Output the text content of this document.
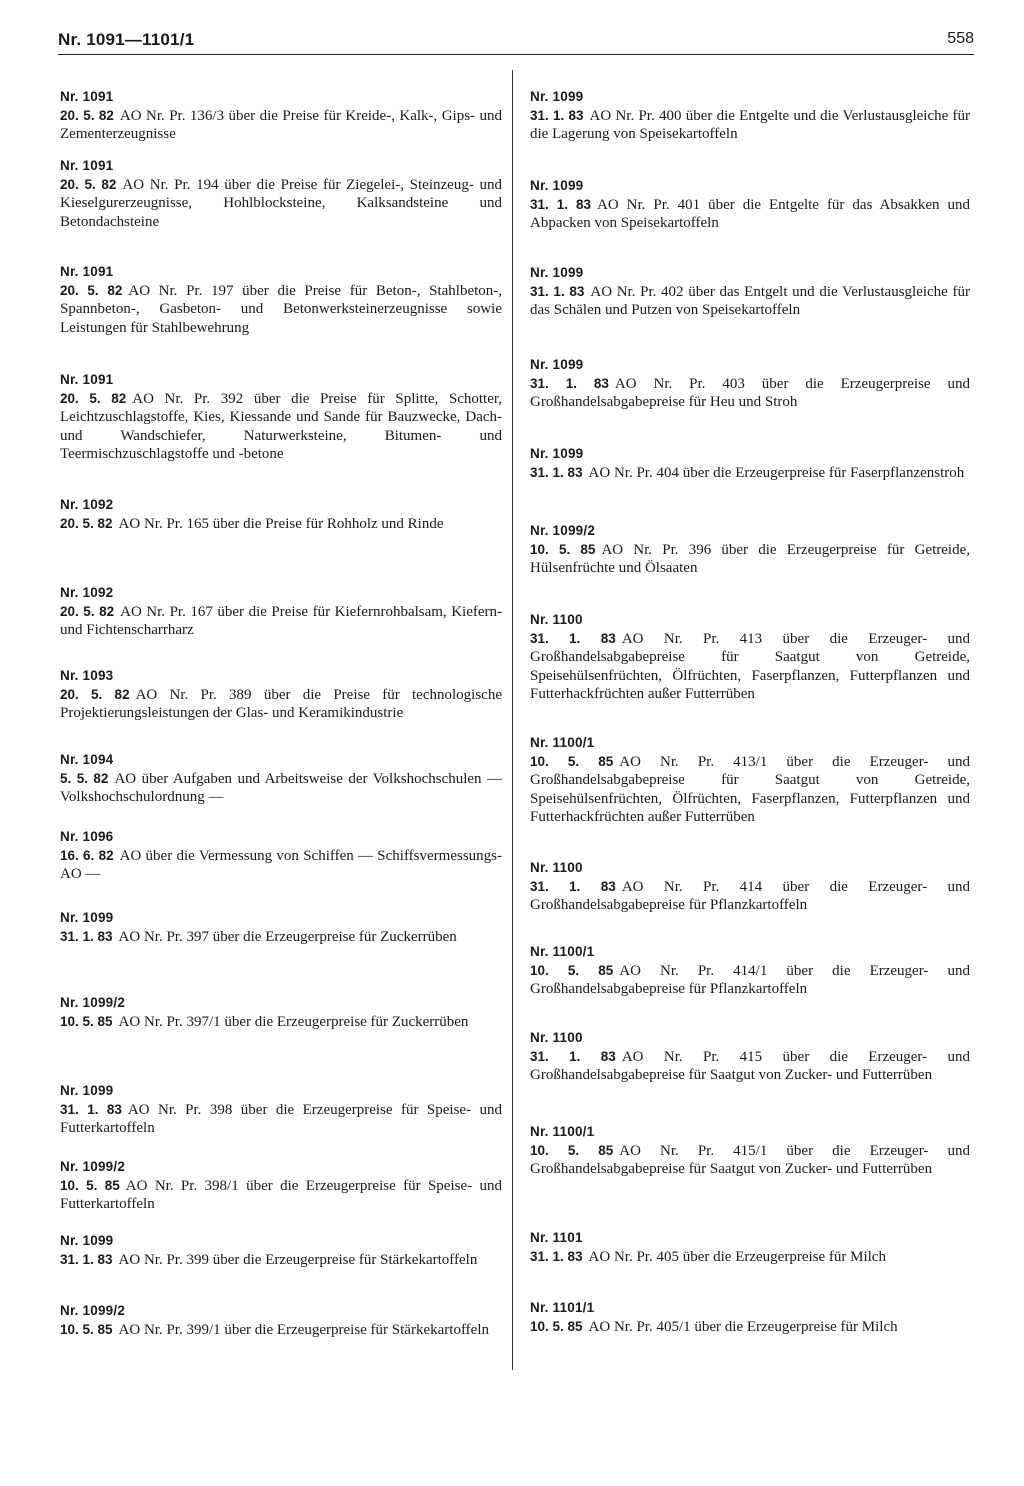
Nr. 1091—1101/1	558
Nr. 1091
20. 5. 82 AO Nr. Pr. 136/3 über die Preise für Kreide-, Kalk-, Gips- und Zementerzeugnisse
Nr. 1091
20. 5. 82 AO Nr. Pr. 194 über die Preise für Ziegelei-, Steinzeug- und Kieselgurerzeugnisse, Hohlblocksteine, Kalksandsteine und Betondachsteine
Nr. 1091
20. 5. 82 AO Nr. Pr. 197 über die Preise für Beton-, Stahlbeton-, Spannbeton-, Gasbeton- und Betonwerksteinerzeugnisse sowie Leistungen für Stahlbewehrung
Nr. 1091
20. 5. 82 AO Nr. Pr. 392 über die Preise für Splitte, Schotter, Leichtzuschlagstoffe, Kies, Kiessande und Sande für Bauzwecke, Dach- und Wandschiefer, Naturwerksteine, Bitumen- und Teermischzuschlagstoffe und -betone
Nr. 1092
20. 5. 82 AO Nr. Pr. 165 über die Preise für Rohholz und Rinde
Nr. 1092
20. 5. 82 AO Nr. Pr. 167 über die Preise für Kiefernrohbalsam, Kiefern- und Fichtenscharrharz
Nr. 1093
20. 5. 82 AO Nr. Pr. 389 über die Preise für technologische Projektierungsleistungen der Glas- und Keramikindustrie
Nr. 1094
5. 5. 82 AO über Aufgaben und Arbeitsweise der Volkshochschulen — Volkshochschulordnung —
Nr. 1096
16. 6. 82 AO über die Vermessung von Schiffen — Schiffsvermessungs-AO —
Nr. 1099
31. 1. 83 AO Nr. Pr. 397 über die Erzeugerpreise für Zuckerrüben
Nr. 1099/2
10. 5. 85 AO Nr. Pr. 397/1 über die Erzeugerpreise für Zuckerrüben
Nr. 1099
31. 1. 83 AO Nr. Pr. 398 über die Erzeugerpreise für Speise- und Futterkartoffeln
Nr. 1099/2
10. 5. 85 AO Nr. Pr. 398/1 über die Erzeugerpreise für Speise- und Futterkartoffeln
Nr. 1099
31. 1. 83 AO Nr. Pr. 399 über die Erzeugerpreise für Stärkekartoffeln
Nr. 1099/2
10. 5. 85 AO Nr. Pr. 399/1 über die Erzeugerpreise für Stärkekartoffeln
Nr. 1099
31. 1. 83 AO Nr. Pr. 400 über die Entgelte und die Verlustausgleiche für die Lagerung von Speisekartoffeln
Nr. 1099
31. 1. 83 AO Nr. Pr. 401 über die Entgelte für das Absakken und Abpacken von Speisekartoffeln
Nr. 1099
31. 1. 83 AO Nr. Pr. 402 über das Entgelt und die Verlustausgleiche für das Schälen und Putzen von Speisekartoffeln
Nr. 1099
31. 1. 83 AO Nr. Pr. 403 über die Erzeugerpreise und Großhandelsabgabepreise für Heu und Stroh
Nr. 1099
31. 1. 83 AO Nr. Pr. 404 über die Erzeugerpreise für Faserpflanzenstroh
Nr. 1099/2
10. 5. 85 AO Nr. Pr. 396 über die Erzeugerpreise für Getreide, Hülsenfrüchte und Ölsaaten
Nr. 1100
31. 1. 83 AO Nr. Pr. 413 über die Erzeuger- und Großhandelsabgabepreise für Saatgut von Getreide, Speisehülsenfrüchten, Ölfrüchten, Faserpflanzen, Futterpflanzen und Futterhackfrüchten außer Futterrüben
Nr. 1100/1
10. 5. 85 AO Nr. Pr. 413/1 über die Erzeuger- und Großhandelsabgabepreise für Saatgut von Getreide, Speisehülsenfrüchten, Ölfrüchten, Faserpflanzen, Futterpflanzen und Futterhackfrüchten außer Futterrüben
Nr. 1100
31. 1. 83 AO Nr. Pr. 414 über die Erzeuger- und Großhandelsabgabepreise für Pflanzkartoffeln
Nr. 1100/1
10. 5. 85 AO Nr. Pr. 414/1 über die Erzeuger- und Großhandelsabgabepreise für Pflanzkartoffeln
Nr. 1100
31. 1. 83 AO Nr. Pr. 415 über die Erzeuger- und Großhandelsabgabepreise für Saatgut von Zucker- und Futterrüben
Nr. 1100/1
10. 5. 85 AO Nr. Pr. 415/1 über die Erzeuger- und Großhandelsabgabepreise für Saatgut von Zucker- und Futterrüben
Nr. 1101
31. 1. 83 AO Nr. Pr. 405 über die Erzeugerpreise für Milch
Nr. 1101/1
10. 5. 85 AO Nr. Pr. 405/1 über die Erzeugerpreise für Milch
